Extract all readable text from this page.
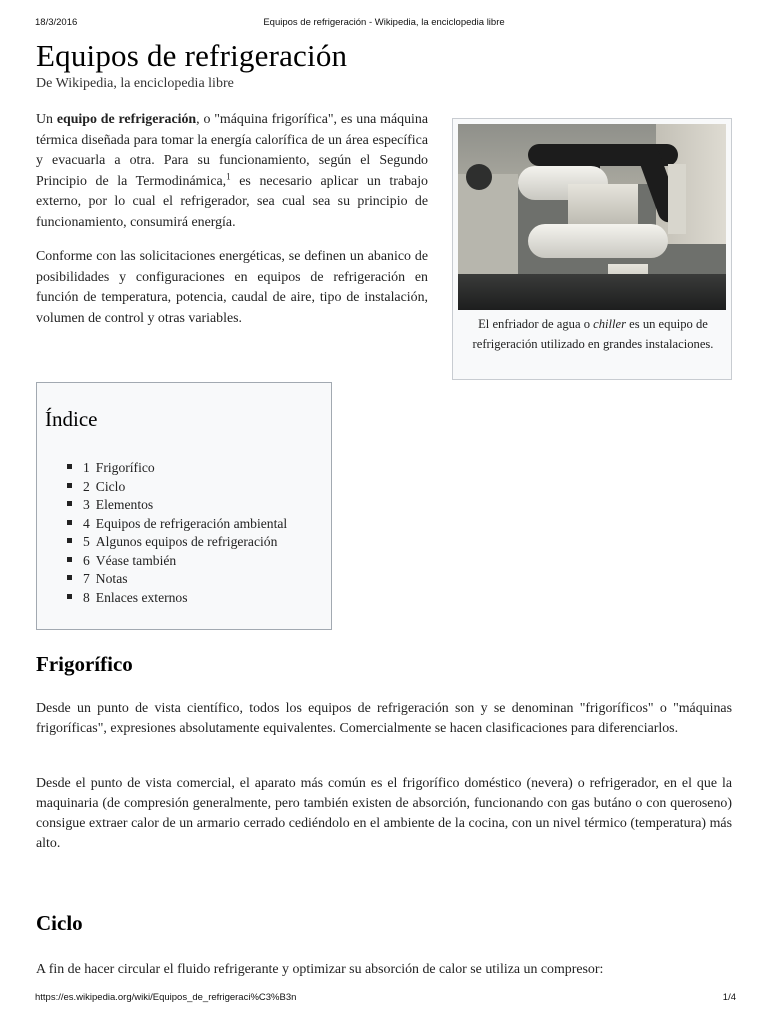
18/3/2016	Equipos de refrigeración - Wikipedia, la enciclopedia libre
Equipos de refrigeración
De Wikipedia, la enciclopedia libre

Un equipo de refrigeración, o "máquina frigorífica", es una máquina térmica diseñada para tomar la energía calorífica de un área específica y evacuarla a otra. Para su funcionamiento, según el Segundo Principio de la Termodinámica,$^1$ es necesario aplicar un trabajo externo, por lo cual el refrigerador, sea cual sea su principio de funcionamiento, consumirá energía.

Conforme con las solicitaciones energéticas, se definen un abanico de posibilidades y configuraciones en equipos de refrigeración en función de temperatura, potencia, caudal de aire, tipo de instalación, volumen de control y otras variables.	El enfriador de agua o chiller es un equipo de refrigeración utilizado en grandes instalaciones.
Índice
1 Frigorífico
2 Ciclo
3 Elementos
4 Equipos de refrigeración ambiental
5 Algunos equipos de refrigeración
6 Véase también
7 Notas
8 Enlaces externos
Frigorífico

Desde un punto de vista científico, todos los equipos de refrigeración son y se denominan "frigoríficos" o "máquinas frigoríficas", expresiones absolutamente equivalentes. Comercialmente se hacen clasificaciones para diferenciarlos.

Desde el punto de vista comercial, el aparato más común es el frigorífico doméstico (nevera) o refrigerador, en el que la maquinaria (de compresión generalmente, pero también existen de absorción, funcionando con gas butáno o con queroseno) consigue extraer calor de un armario cerrado cediéndolo en el ambiente de la cocina, con un nivel térmico (temperatura) más alto.

Ciclo

A fin de hacer circular el fluido refrigerante y optimizar su absorción de calor se utiliza un compresor:

https://es.wikipedia.org/wiki/Equipos_de_refrigeraci%C3%B3n	1/4
